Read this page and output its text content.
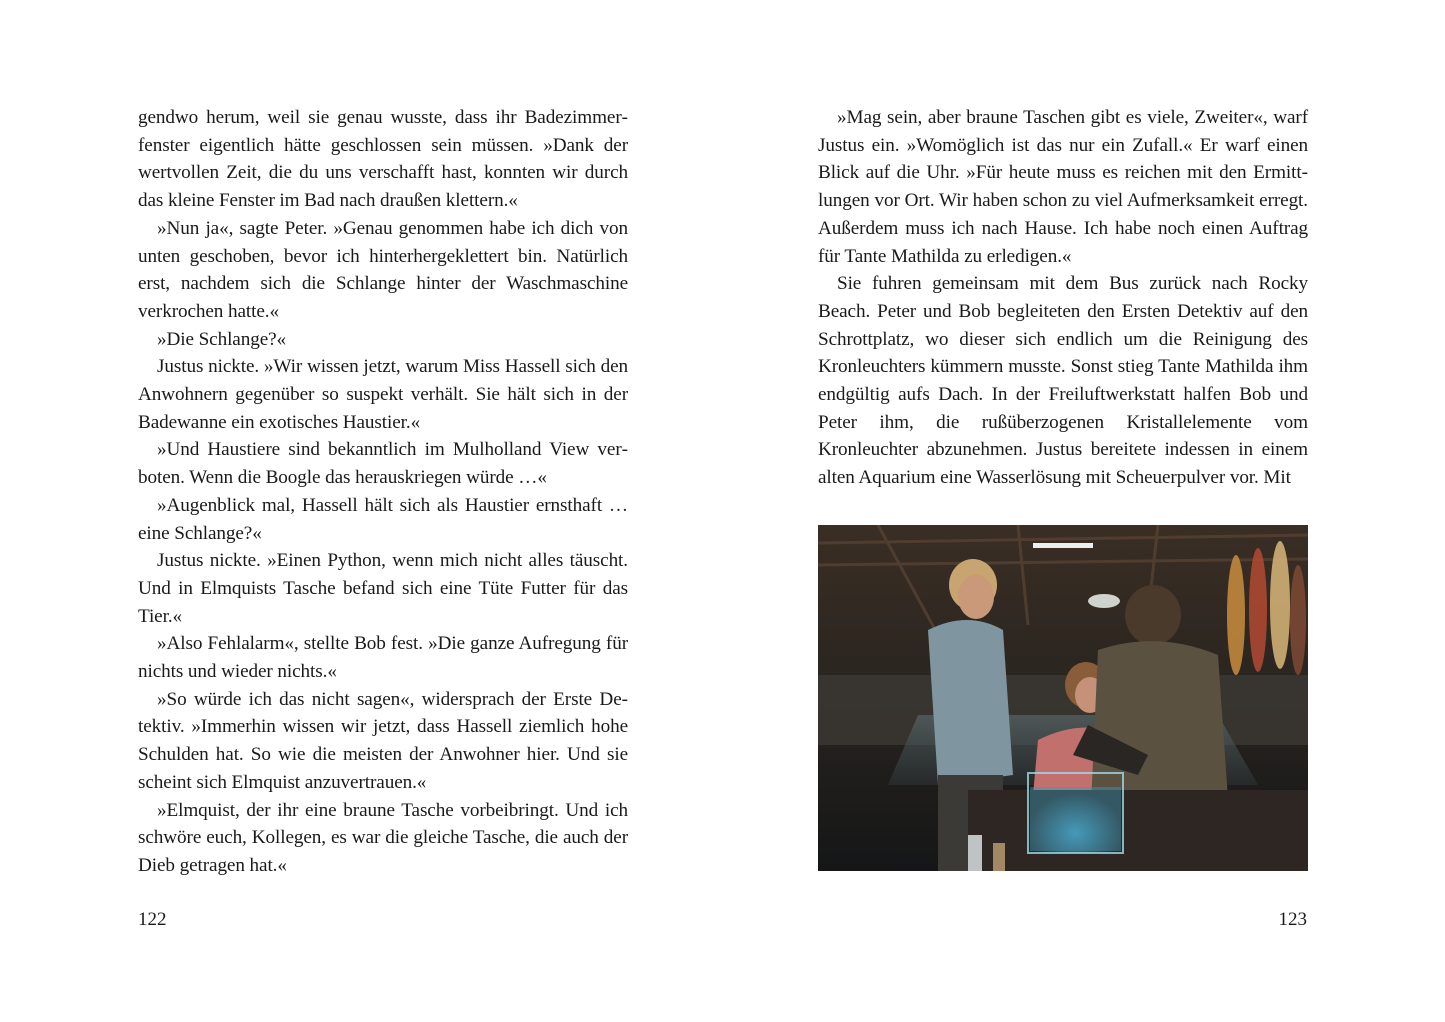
gendwo herum, weil sie genau wusste, dass ihr Badezimmerfenster eigentlich hätte geschlossen sein müssen. »Dank der wertvollen Zeit, die du uns verschafft hast, konnten wir durch das kleine Fenster im Bad nach draußen klettern.«

»Nun ja«, sagte Peter. »Genau genommen habe ich dich von unten geschoben, bevor ich hinterhergeklettert bin. Natürlich erst, nachdem sich die Schlange hinter der Waschmaschine verkrochen hatte.«

»Die Schlange?«

Justus nickte. »Wir wissen jetzt, warum Miss Hassell sich den Anwohnern gegenüber so suspekt verhält. Sie hält sich in der Badewanne ein exotisches Haustier.«

»Und Haustiere sind bekanntlich im Mulholland View verboten. Wenn die Boogle das herauskriegen würde …«

»Augenblick mal, Hassell hält sich als Haustier ernsthaft … eine Schlange?«

Justus nickte. »Einen Python, wenn mich nicht alles täuscht. Und in Elmquists Tasche befand sich eine Tüte Futter für das Tier.«

»Also Fehlalarm«, stellte Bob fest. »Die ganze Aufregung für nichts und wieder nichts.«

»So würde ich das nicht sagen«, widersprach der Erste Detektiv. »Immerhin wissen wir jetzt, dass Hassell ziemlich hohe Schulden hat. So wie die meisten der Anwohner hier. Und sie scheint sich Elmquist anzuvertrauen.«

»Elmquist, der ihr eine braune Tasche vorbeibringt. Und ich schwöre euch, Kollegen, es war die gleiche Tasche, die auch der Dieb getragen hat.«

122

»Mag sein, aber braune Taschen gibt es viele, Zweiter«, warf Justus ein. »Womöglich ist das nur ein Zufall.« Er warf einen Blick auf die Uhr. »Für heute muss es reichen mit den Ermittlungen vor Ort. Wir haben schon zu viel Aufmerksamkeit erregt. Außerdem muss ich nach Hause. Ich habe noch einen Auftrag für Tante Mathilda zu erledigen.«

Sie fuhren gemeinsam mit dem Bus zurück nach Rocky Beach. Peter und Bob begleiteten den Ersten Detektiv auf den Schrottplatz, wo dieser sich endlich um die Reinigung des Kronleuchters kümmern musste. Sonst stieg Tante Mathilda ihm endgültig aufs Dach. In der Freiluftwerkstatt halfen Bob und Peter ihm, die rußüberzogenen Kristallelemente vom Kronleuchter abzunehmen. Justus bereitete indessen in einem alten Aquarium eine Wasserlösung mit Scheuerpulver vor. Mit

123
